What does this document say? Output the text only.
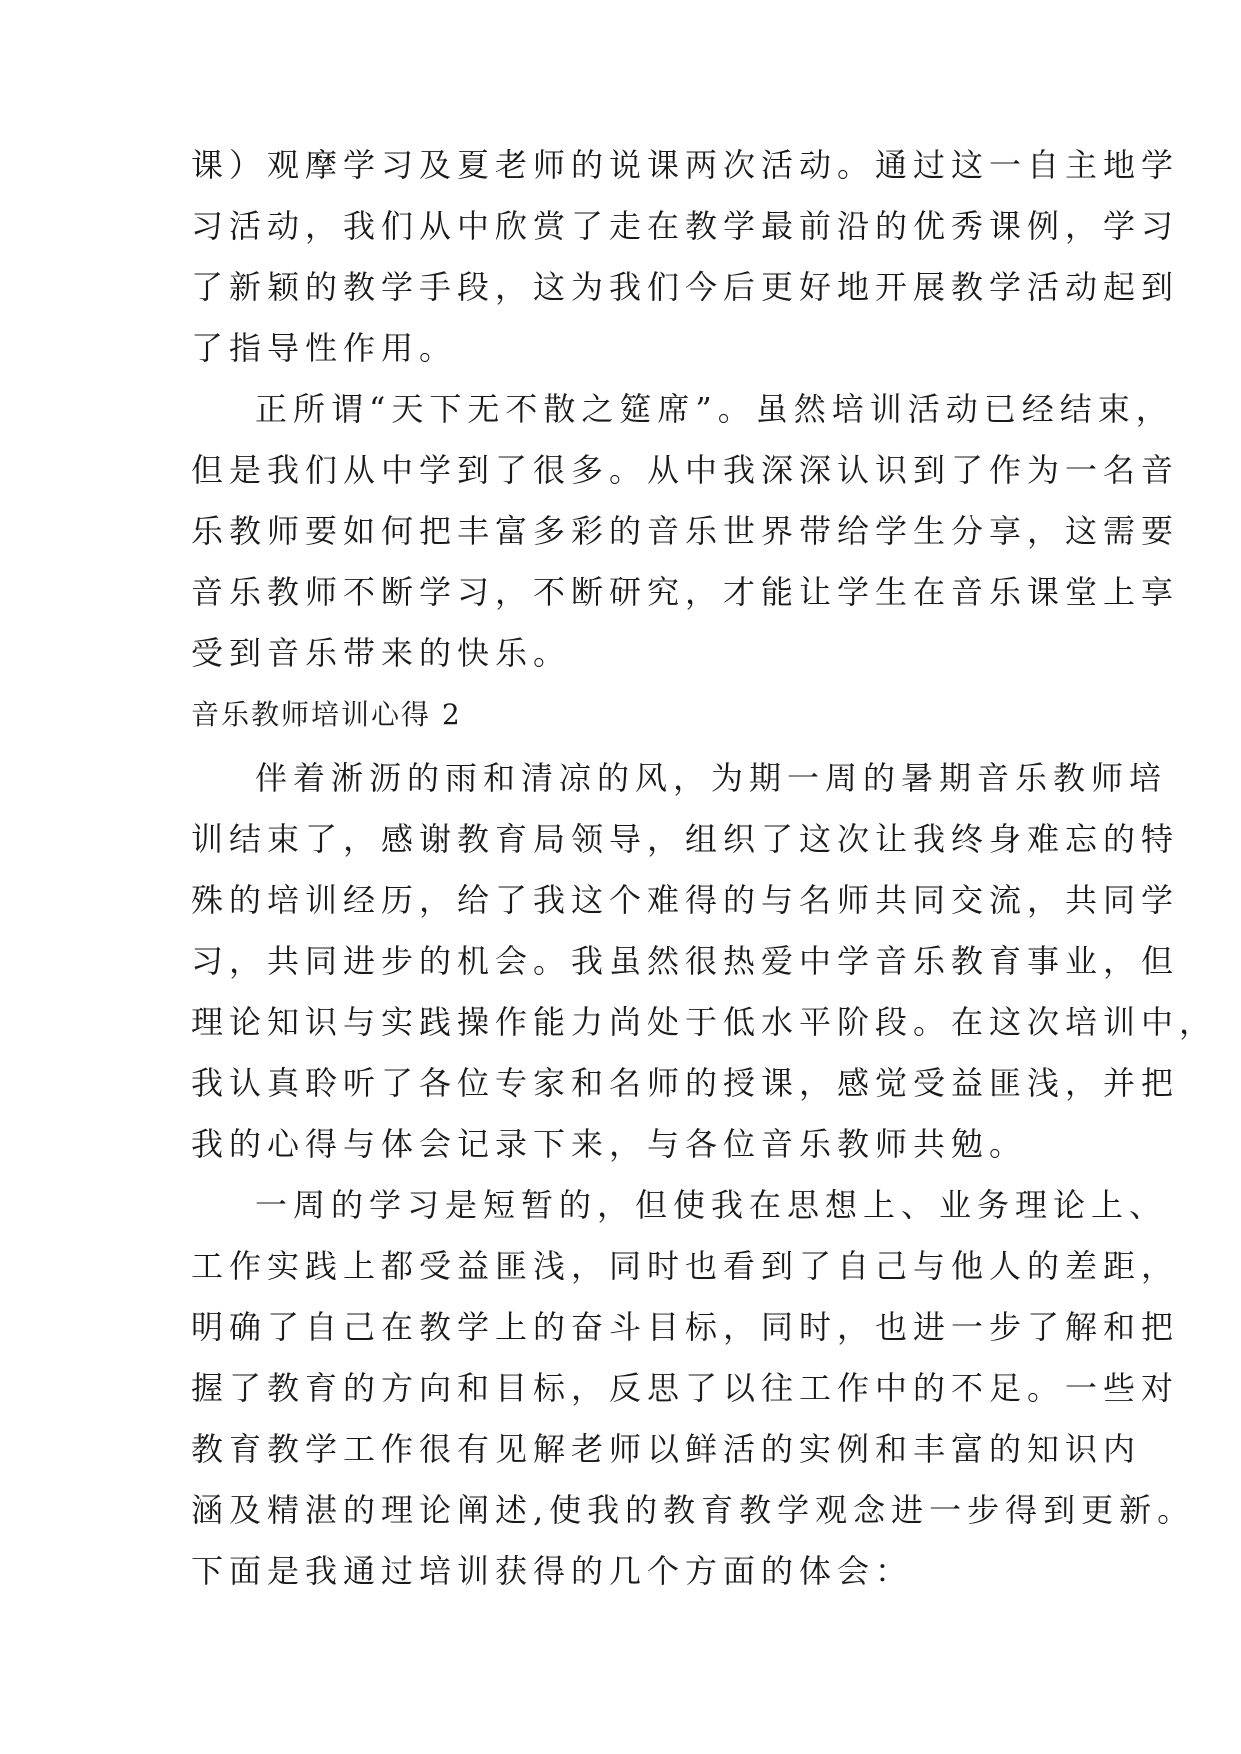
课）观摩学习及夏老师的说课两次活动。通过这一自主地学
习活动，我们从中欣赏了走在教学最前沿的优秀课例，学习
了新颖的教学手段，这为我们今后更好地开展教学活动起到
了指导性作用。
正所谓“天下无不散之筵席”。虽然培训活动已经结束，
但是我们从中学到了很多。从中我深深认识到了作为一名音
乐教师要如何把丰富多彩的音乐世界带给学生分享，这需要
音乐教师不断学习，不断研究，才能让学生在音乐课堂上享
受到音乐带来的快乐。
音乐教师培训心得 2
伴着淅沥的雨和清凉的风，为期一周的暑期音乐教师培
训结束了，感谢教育局领导，组织了这次让我终身难忘的特
殊的培训经历，给了我这个难得的与名师共同交流，共同学
习，共同进步的机会。我虽然很热爱中学音乐教育事业，但
理论知识与实践操作能力尚处于低水平阶段。在这次培训中，
我认真聆听了各位专家和名师的授课，感觉受益匪浅，并把
我的心得与体会记录下来，与各位音乐教师共勉。
一周的学习是短暂的，但使我在思想上、业务理论上、
工作实践上都受益匪浅，同时也看到了自己与他人的差距，
明确了自己在教学上的奋斗目标，同时，也进一步了解和把
握了教育的方向和目标，反思了以往工作中的不足。一些对
教育教学工作很有见解老师以鲜活的实例和丰富的知识内
涵及精湛的理论阐述,使我的教育教学观念进一步得到更新。
下面是我通过培训获得的几个方面的体会：
